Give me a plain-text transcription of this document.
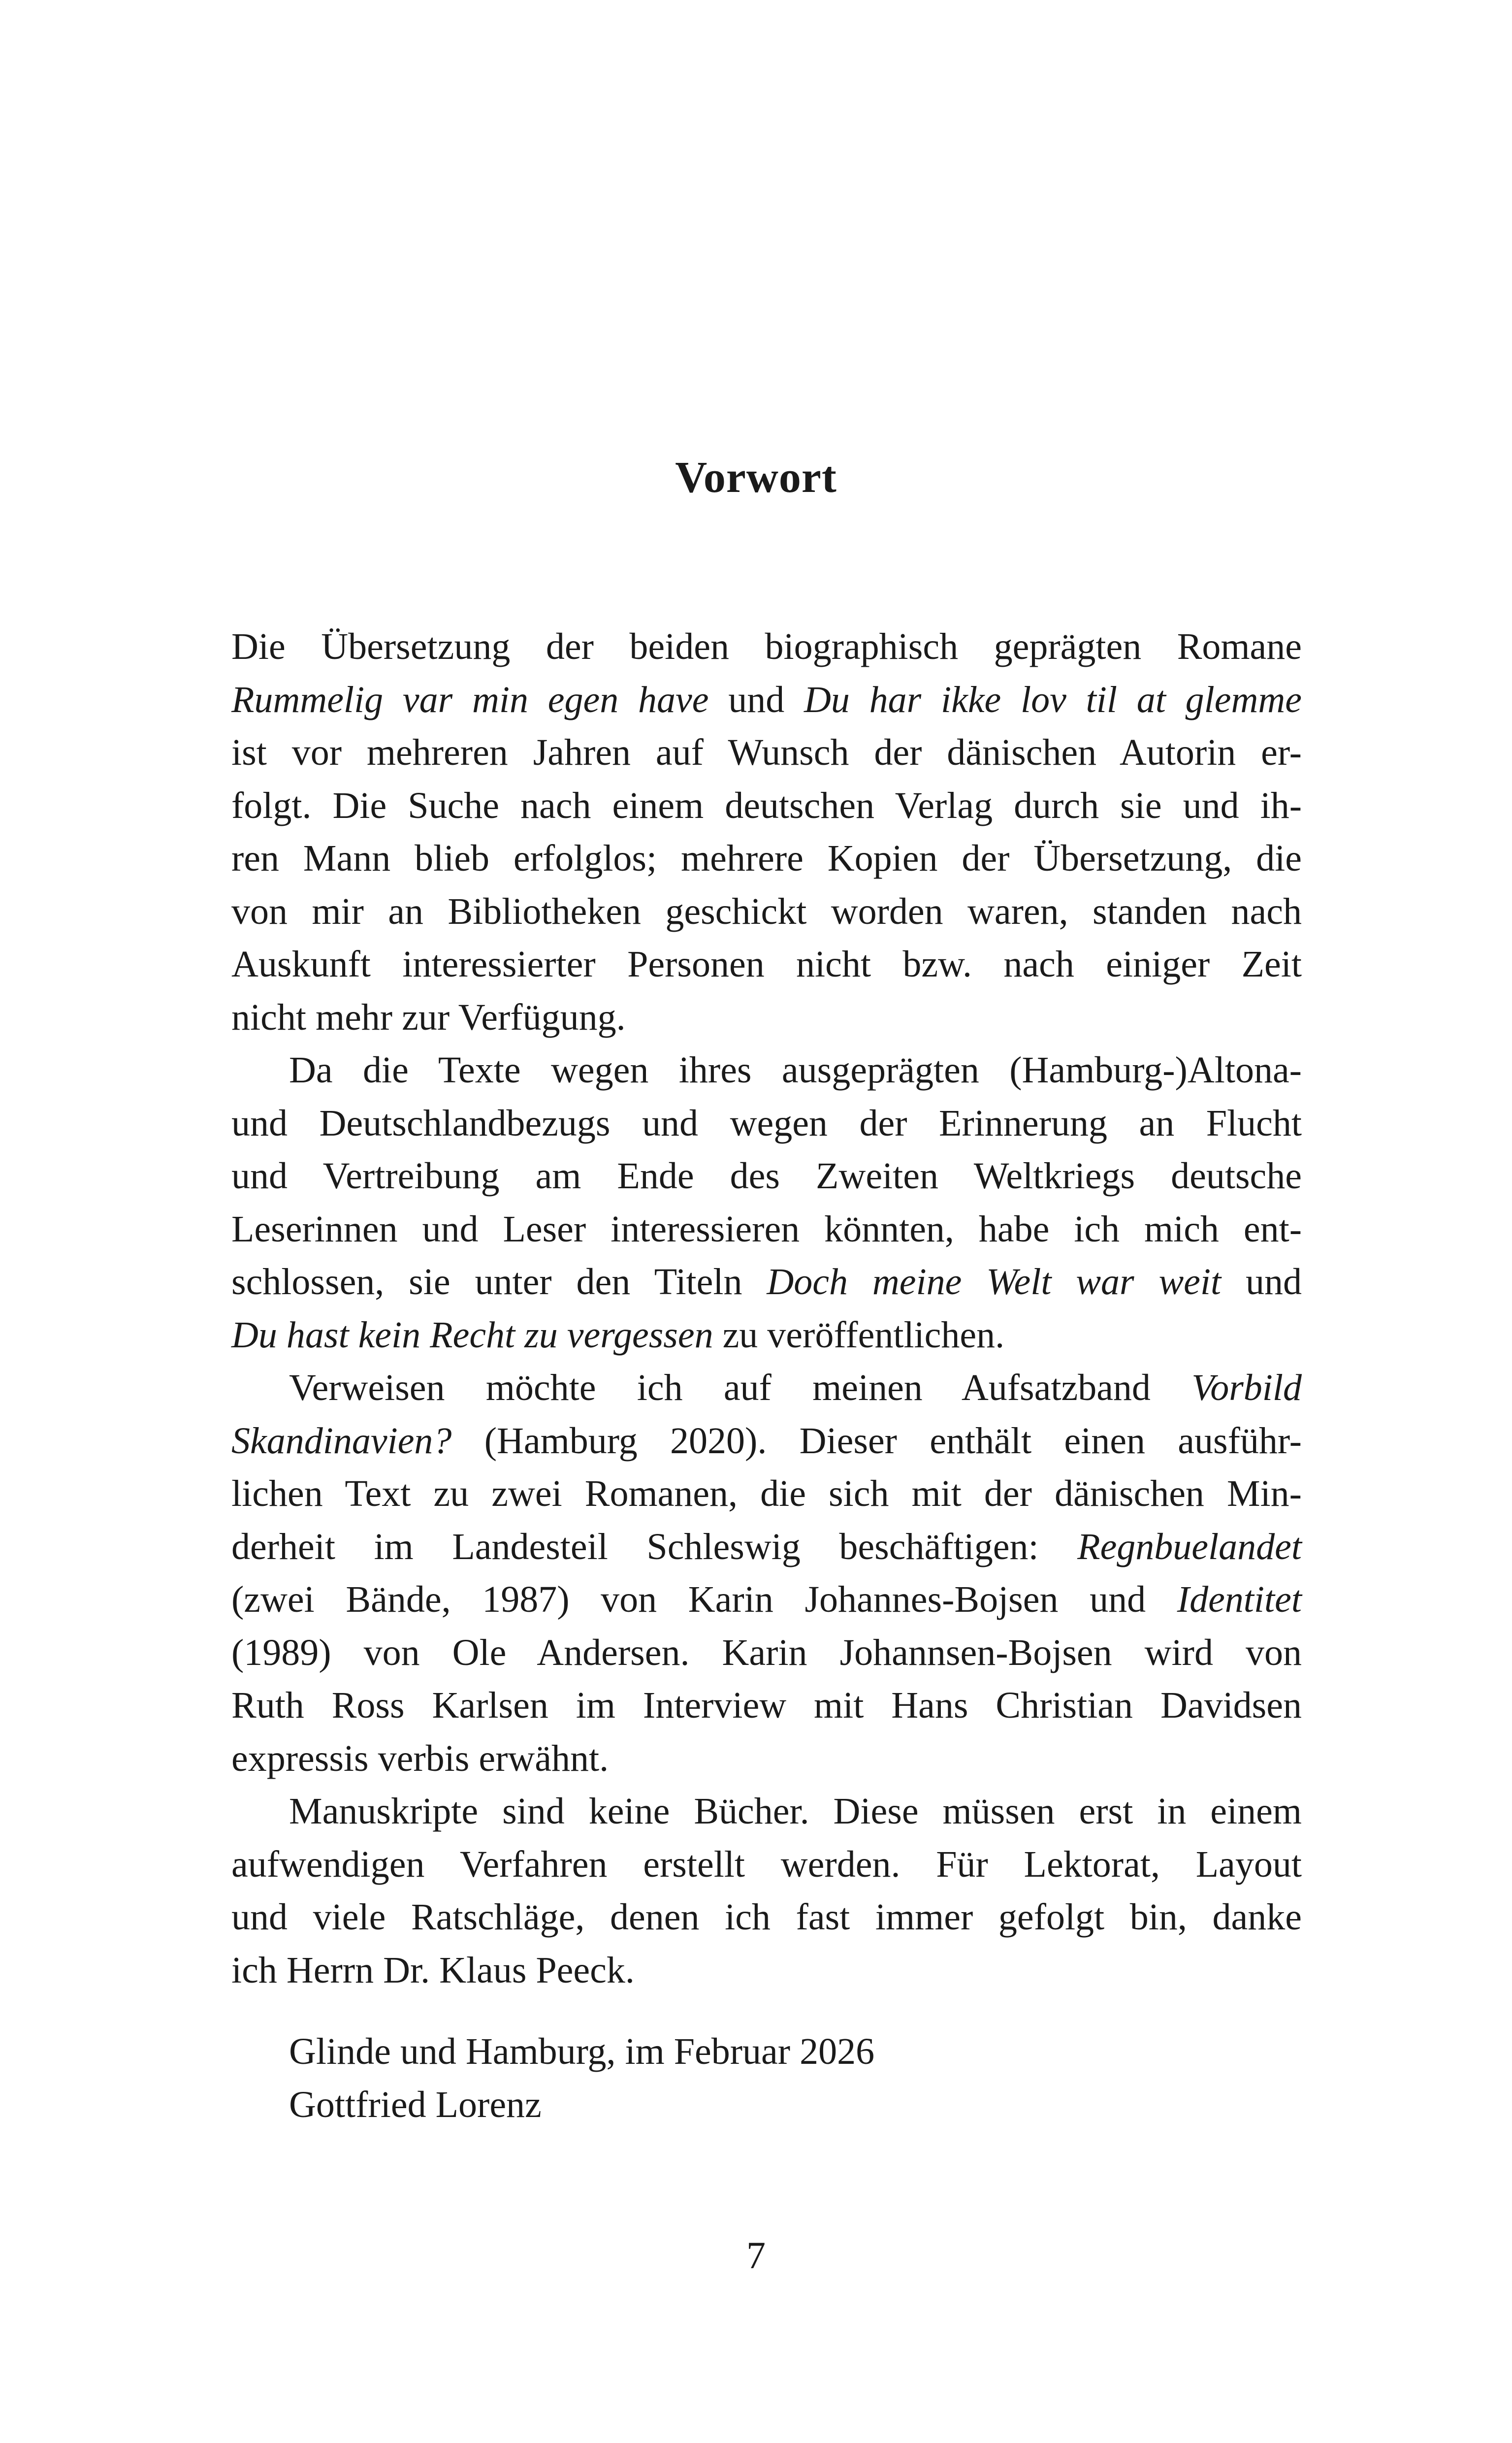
Vorwort
Die Übersetzung der beiden biographisch geprägten Romane
Rummelig var min egen have und Du har ikke lov til at glemme
ist vor mehreren Jahren auf Wunsch der dänischen Autorin er-
folgt. Die Suche nach einem deutschen Verlag durch sie und ih-
ren Mann blieb erfolglos; mehrere Kopien der Übersetzung, die
von mir an Bibliotheken geschickt worden waren, standen nach
Auskunft interessierter Personen nicht bzw. nach einiger Zeit
nicht mehr zur Verfügung.
Da die Texte wegen ihres ausgeprägten (Hamburg-)Altona-
und Deutschlandbezugs und wegen der Erinnerung an Flucht
und Vertreibung am Ende des Zweiten Weltkriegs deutsche
Leserinnen und Leser interessieren könnten, habe ich mich ent-
schlossen, sie unter den Titeln Doch meine Welt war weit und
Du hast kein Recht zu vergessen zu veröffentlichen.
Verweisen möchte ich auf meinen Aufsatzband Vorbild
Skandinavien? (Hamburg 2020). Dieser enthält einen ausführ-
lichen Text zu zwei Romanen, die sich mit der dänischen Min-
derheit im Landesteil Schleswig beschäftigen: Regnbuelandet
(zwei Bände, 1987) von Karin Johannes-Bojsen und Identitet
(1989) von Ole Andersen. Karin Johannsen-Bojsen wird von
Ruth Ross Karlsen im Interview mit Hans Christian Davidsen
expressis verbis erwähnt.
Manuskripte sind keine Bücher. Diese müssen erst in einem
aufwendigen Verfahren erstellt werden. Für Lektorat, Layout
und viele Ratschläge, denen ich fast immer gefolgt bin, danke
ich Herrn Dr. Klaus Peeck.
Glinde und Hamburg, im Februar 2026
Gottfried Lorenz
7
